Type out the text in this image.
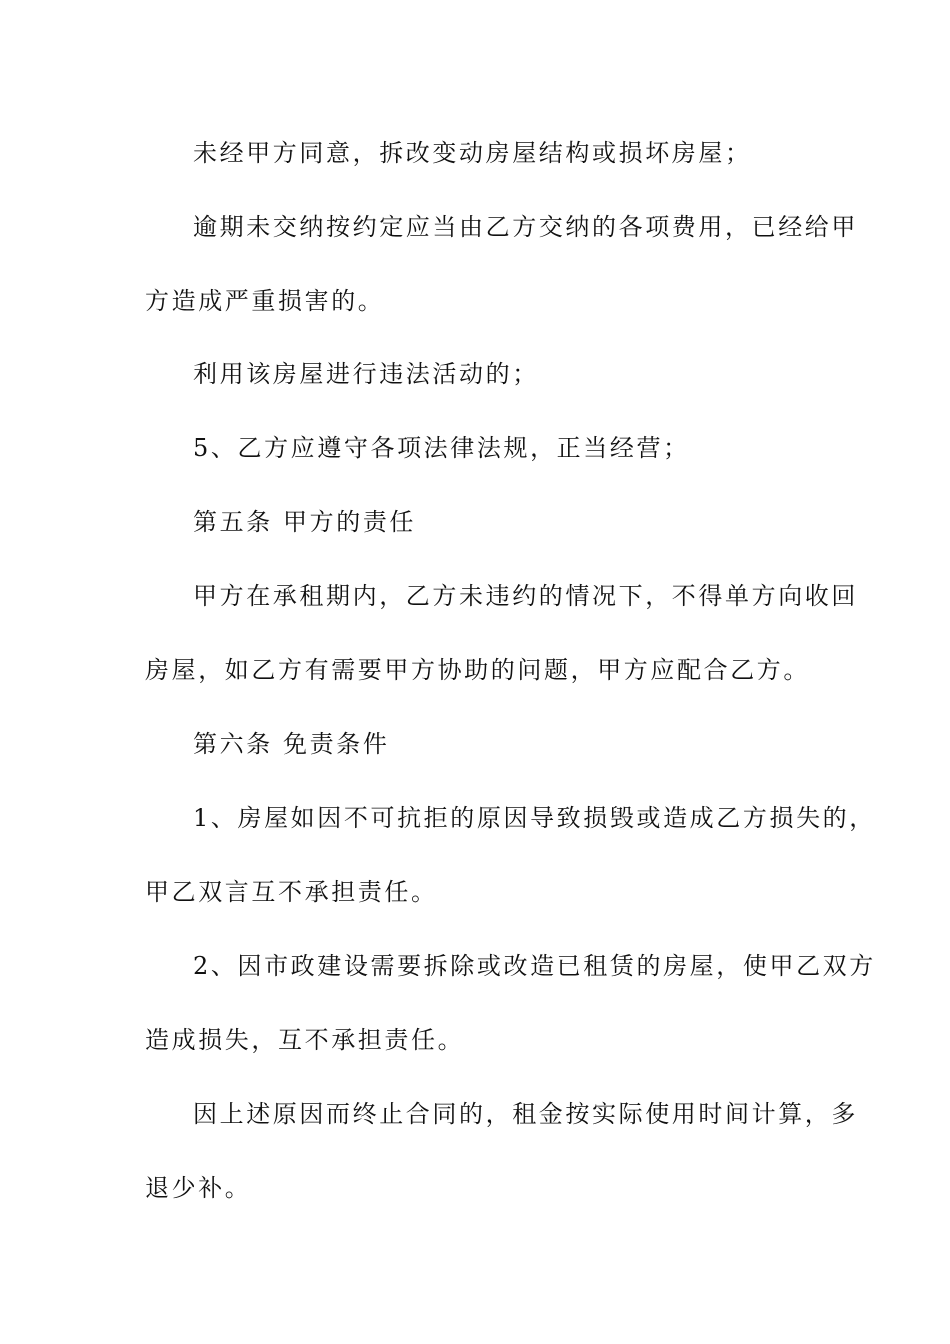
未经甲方同意，拆改变动房屋结构或损坏房屋；
逾期未交纳按约定应当由乙方交纳的各项费用，已经给甲
方造成严重损害的。
利用该房屋进行违法活动的；
5、乙方应遵守各项法律法规，正当经营；
第五条 甲方的责任
甲方在承租期内，乙方未违约的情况下，不得单方向收回
房屋，如乙方有需要甲方协助的问题，甲方应配合乙方。
第六条 免责条件
1、房屋如因不可抗拒的原因导致损毁或造成乙方损失的，
甲乙双言互不承担责任。
2、因市政建设需要拆除或改造已租赁的房屋，使甲乙双方
造成损失，互不承担责任。
因上述原因而终止合同的，租金按实际使用时间计算，多
退少补。
